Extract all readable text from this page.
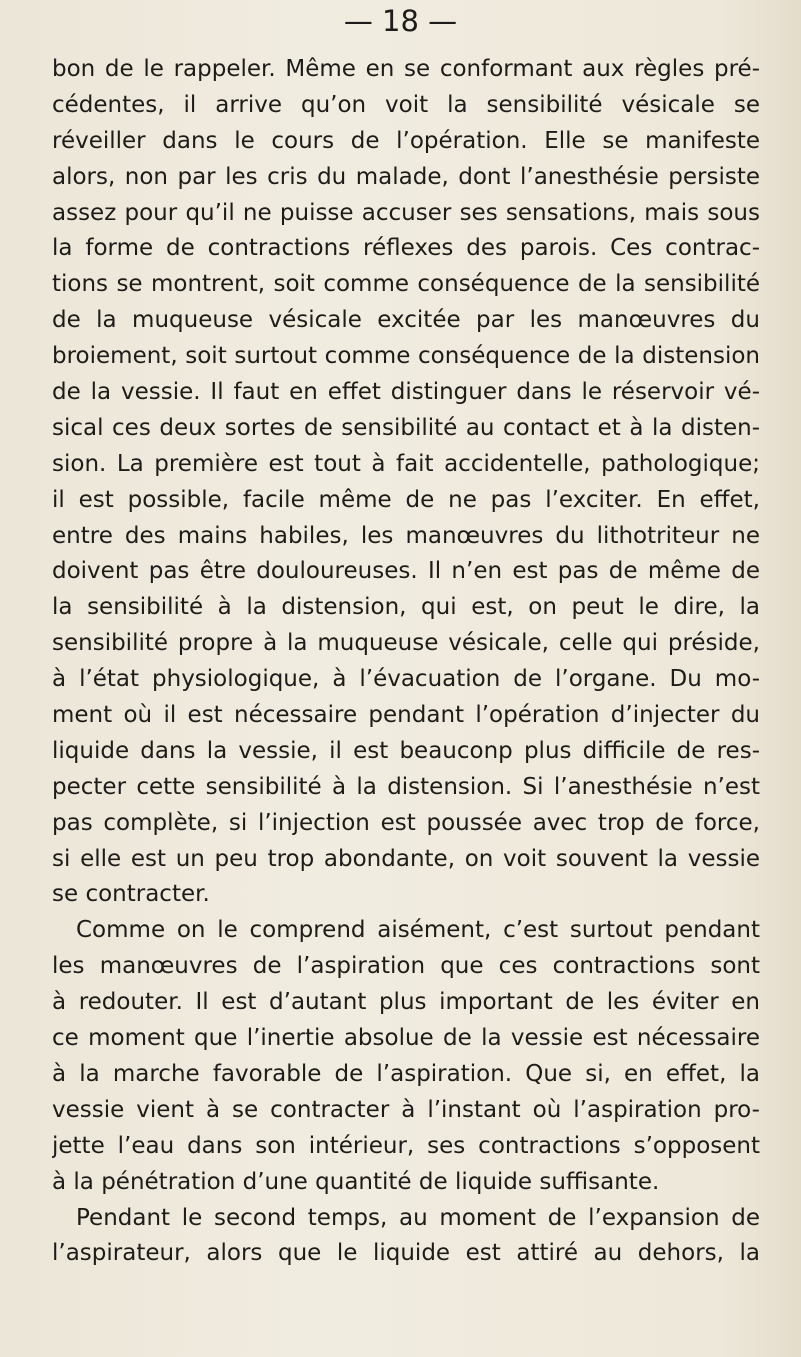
— 18 —
bon de le rappeler. Même en se conformant aux règles pré-
cédentes, il arrive qu’on voit la sensibilité vésicale se
réveiller dans le cours de l’opération. Elle se manifeste
alors, non par les cris du malade, dont l’anesthésie persiste
assez pour qu’il ne puisse accuser ses sensations, mais sous
la forme de contractions réflexes des parois. Ces contrac-
tions se montrent, soit comme conséquence de la sensibilité
de la muqueuse vésicale excitée par les manœuvres du
broiement, soit surtout comme conséquence de la distension
de la vessie. Il faut en effet distinguer dans le réservoir vé-
sical ces deux sortes de sensibilité au contact et à la disten-
sion. La première est tout à fait accidentelle, pathologique;
il est possible, facile même de ne pas l’exciter. En effet,
entre des mains habiles, les manœuvres du lithotriteur ne
doivent pas être douloureuses. Il n’en est pas de même de
la sensibilité à la distension, qui est, on peut le dire, la
sensibilité propre à la muqueuse vésicale, celle qui préside,
à l’état physiologique, à l’évacuation de l’organe. Du mo-
ment où il est nécessaire pendant l’opération d’injecter du
liquide dans la vessie, il est beauconp plus difficile de res-
pecter cette sensibilité à la distension. Si l’anesthésie n’est
pas complète, si l’injection est poussée avec trop de force,
si elle est un peu trop abondante, on voit souvent la vessie
se contracter.
Comme on le comprend aisément, c’est surtout pendant
les manœuvres de l’aspiration que ces contractions sont
à redouter. Il est d’autant plus important de les éviter en
ce moment que l’inertie absolue de la vessie est nécessaire
à la marche favorable de l’aspiration. Que si, en effet, la
vessie vient à se contracter à l’instant où l’aspiration pro-
jette l’eau dans son intérieur, ses contractions s’opposent
à la pénétration d’une quantité de liquide suffisante.
Pendant le second temps, au moment de l’expansion de
l’aspirateur, alors que le liquide est attiré au dehors, la
